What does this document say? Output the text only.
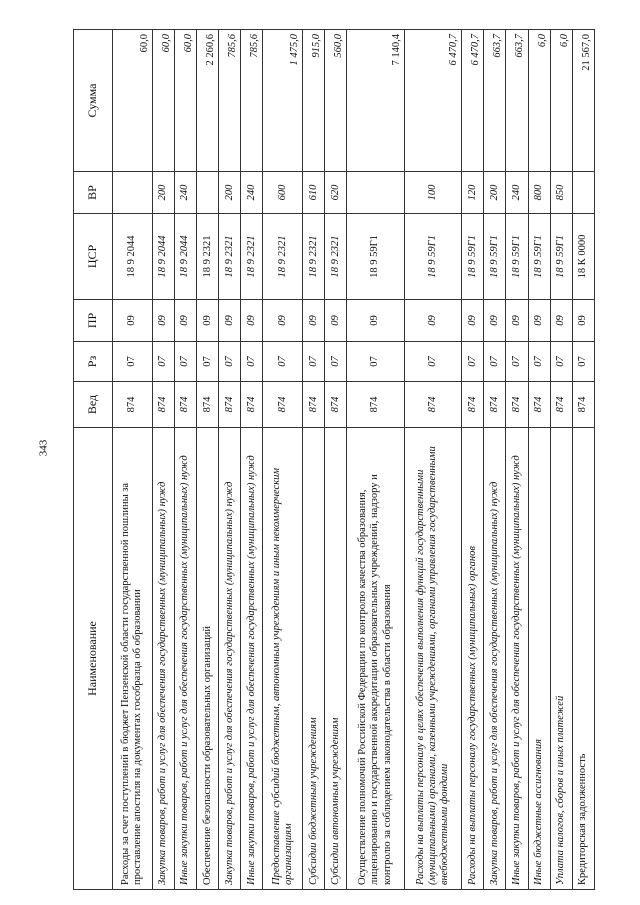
343
Наименование	Вед	Рз	ПР	ЦСР	ВР	Сумма
Расходы за счет поступлений в бюджет Пензенской области государственной пошлины за проставление апостиля на документах гособразца об образовании	874	07	09	18 9 2044		60,0
Закупка товаров, работ и услуг для обеспечения государственных (муниципальных) нужд	874	07	09	18 9 2044	200	60,0
Иные закупки товаров, работ и услуг для обеспечения государственных (муниципальных) нужд	874	07	09	18 9 2044	240	60,0
Обеспечение безопасности образовательных организаций	874	07	09	18 9 2321		2 260,6
Закупка товаров, работ и услуг для обеспечения государственных (муниципальных) нужд	874	07	09	18 9 2321	200	785,6
Иные закупки товаров, работ и услуг для обеспечения государственных (муниципальных) нужд	874	07	09	18 9 2321	240	785,6
Предоставление субсидий бюджетным, автономным учреждениям и иным некоммерческим организациям	874	07	09	18 9 2321	600	1 475,0
Субсидии бюджетным учреждениям	874	07	09	18 9 2321	610	915,0
Субсидии автономным учреждениям	874	07	09	18 9 2321	620	560,0
Осуществление полномочий Российской Федерации по контролю качества образования, лицензированию и государственной аккредитации образовательных учреждений, надзору и контролю за соблюдением законодательства в области образования	874	07	09	18 9 59Г1		7 140,4
Расходы на выплаты персоналу в целях обеспечения выполнения функций государственными (муниципальными) органами, казенными учреждениями, органами управления государственными внебюджетными фондами	874	07	09	18 9 59Г1	100	6 470,7
Расходы на выплаты персоналу государственных (муниципальных) органов	874	07	09	18 9 59Г1	120	6 470,7
Закупка товаров, работ и услуг для обеспечения государственных (муниципальных) нужд	874	07	09	18 9 59Г1	200	663,7
Иные закупки товаров, работ и услуг для обеспечения государственных (муниципальных) нужд	874	07	09	18 9 59Г1	240	663,7
Иные бюджетные ассигнования	874	07	09	18 9 59Г1	800	6,0
Уплата налогов, сборов и иных платежей	874	07	09	18 9 59Г1	850	6,0
Кредиторская задолженность	874	07	09	18 К 0000		21 567,0
